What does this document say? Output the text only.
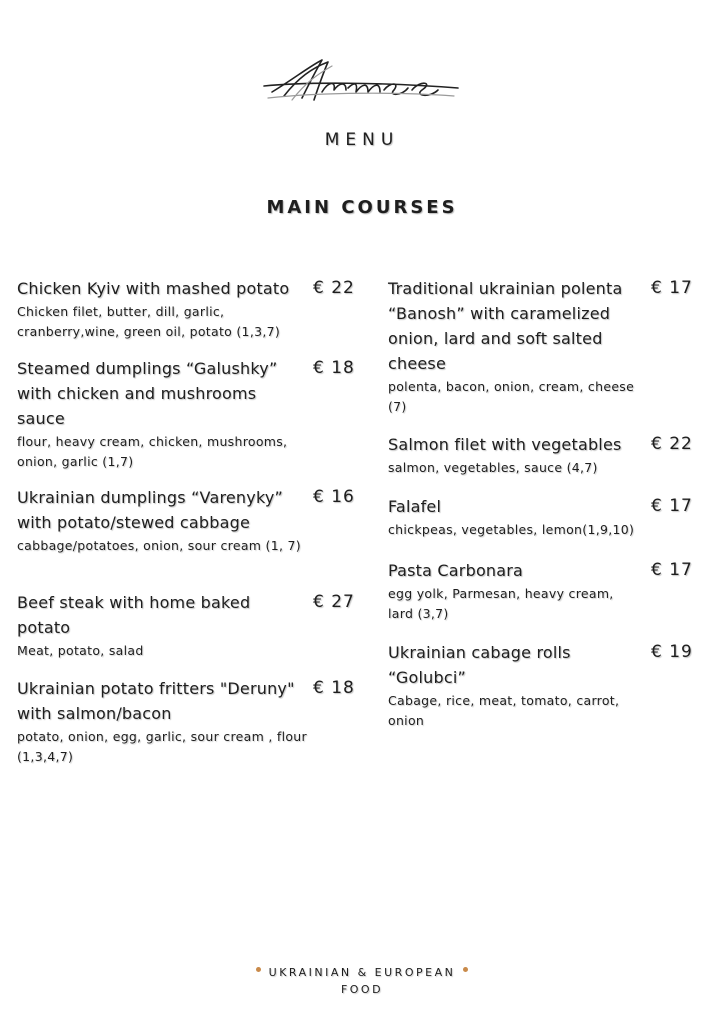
MENU
MAIN COURSES
Chicken Kyiv with mashed potato	€ 22
Chicken filet, butter, dill, garlic, cranberry,wine, green oil, potato (1,3,7)
Steamed dumplings “Galushky” with chicken and mushrooms sauce
€ 18
flour, heavy cream, chicken, mushrooms, onion, garlic (1,7)
Ukrainian dumplings “Varenyky” with potato/stewed cabbage
€ 16
cabbage/potatoes, onion, sour cream (1, 7)
Beef steak with home baked potato
€ 27
Meat, potato, salad
Ukrainian potato fritters "Deruny" with salmon/bacon
€ 18
potato, onion, egg, garlic, sour cream , flour (1,3,4,7)
Traditional ukrainian polenta “Banosh” with caramelized onion, lard and soft salted cheese
€ 17
polenta, bacon, onion, cream, cheese (7)
Salmon filet with vegetables	€ 22
salmon, vegetables, sauce (4,7)
Falafel	€ 17
chickpeas, vegetables, lemon(1,9,10)
Pasta Carbonara	€ 17
egg yolk, Parmesan, heavy cream, lard (3,7)
Ukrainian cabage rolls “Golubci”
€ 19
Cabage, rice, meat, tomato, carrot, onion
UKRAINIAN & EUROPEAN
FOOD
